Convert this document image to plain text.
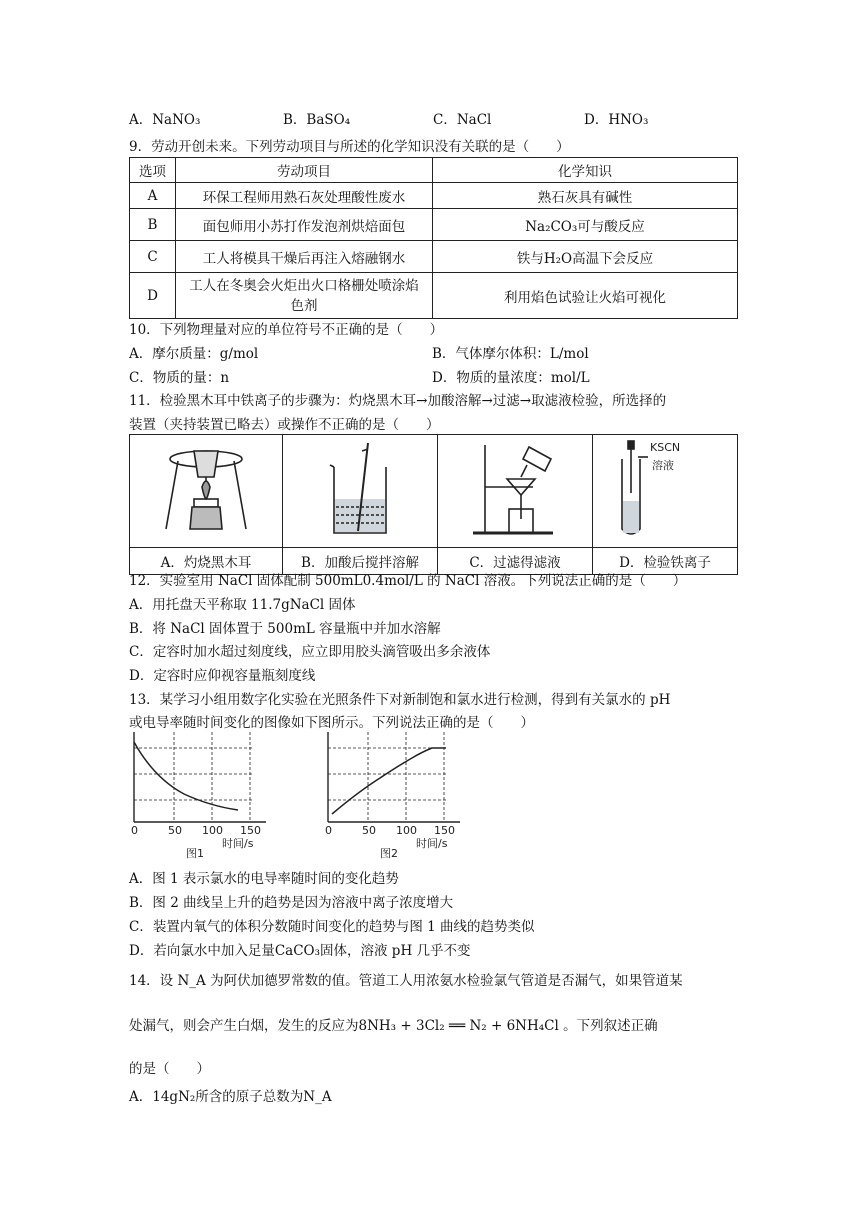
A．NaNO₃	B．BaSO₄	C．NaCl	D．HNO₃
9．劳动开创未来。下列劳动项目与所述的化学知识没有关联的是（　　）
选项	劳动项目	化学知识
A	环保工程师用熟石灰处理酸性废水	熟石灰具有碱性
B	面包师用小苏打作发泡剂烘焙面包	Na₂CO₃可与酸反应
C	工人将模具干燥后再注入熔融钢水	铁与H₂O高温下会反应
D	工人在冬奥会火炬出火口格栅处喷涂焰色剂	利用焰色试验让火焰可视化
10．下列物理量对应的单位符号不正确的是（　　）
A．摩尔质量：g/mol	B．气体摩尔体积：L/mol
C．物质的量：n	D．物质的量浓度：mol/L
11．检验黑木耳中铁离子的步骤为：灼烧黑木耳→加酸溶解→过滤→取滤液检验，所选择的
装置（夹持装置已略去）或操作不正确的是（　　）

KSCN
溶液

A．灼烧黑木耳	B．加酸后搅拌溶解	C．过滤得滤液	D．检验铁离子
12．实验室用 NaCl 固体配制 500mL0.4mol/L 的 NaCl 溶液。下列说法正确的是（　　）
A．用托盘天平称取 11.7gNaCl 固体
B．将 NaCl 固体置于 500mL 容量瓶中并加水溶解
C．定容时加水超过刻度线，应立即用胶头滴管吸出多余液体
D．定容时应仰视容量瓶刻度线
13．某学习小组用数字化实验在光照条件下对新制饱和氯水进行检测，得到有关氯水的 pH
或电导率随时间变化的图像如下图所示。下列说法正确的是（　　）
0	50 100 150
时间/s
图1
0	50 100 150
时间/s
图2
A．图 1 表示氯水的电导率随时间的变化趋势
B．图 2 曲线呈上升的趋势是因为溶液中离子浓度增大
C．装置内氧气的体积分数随时间变化的趋势与图 1 曲线的趋势类似
D．若向氯水中加入足量CaCO₃固体，溶液 pH 几乎不变
14．设 N_A 为阿伏加德罗常数的值。管道工人用浓氨水检验氯气管道是否漏气，如果管道某
处漏气，则会产生白烟，发生的反应为8NH₃ + 3Cl₂ ══ N₂ + 6NH₄Cl 。下列叙述正确
的是（　　）
A．14gN₂所含的原子总数为N_A
